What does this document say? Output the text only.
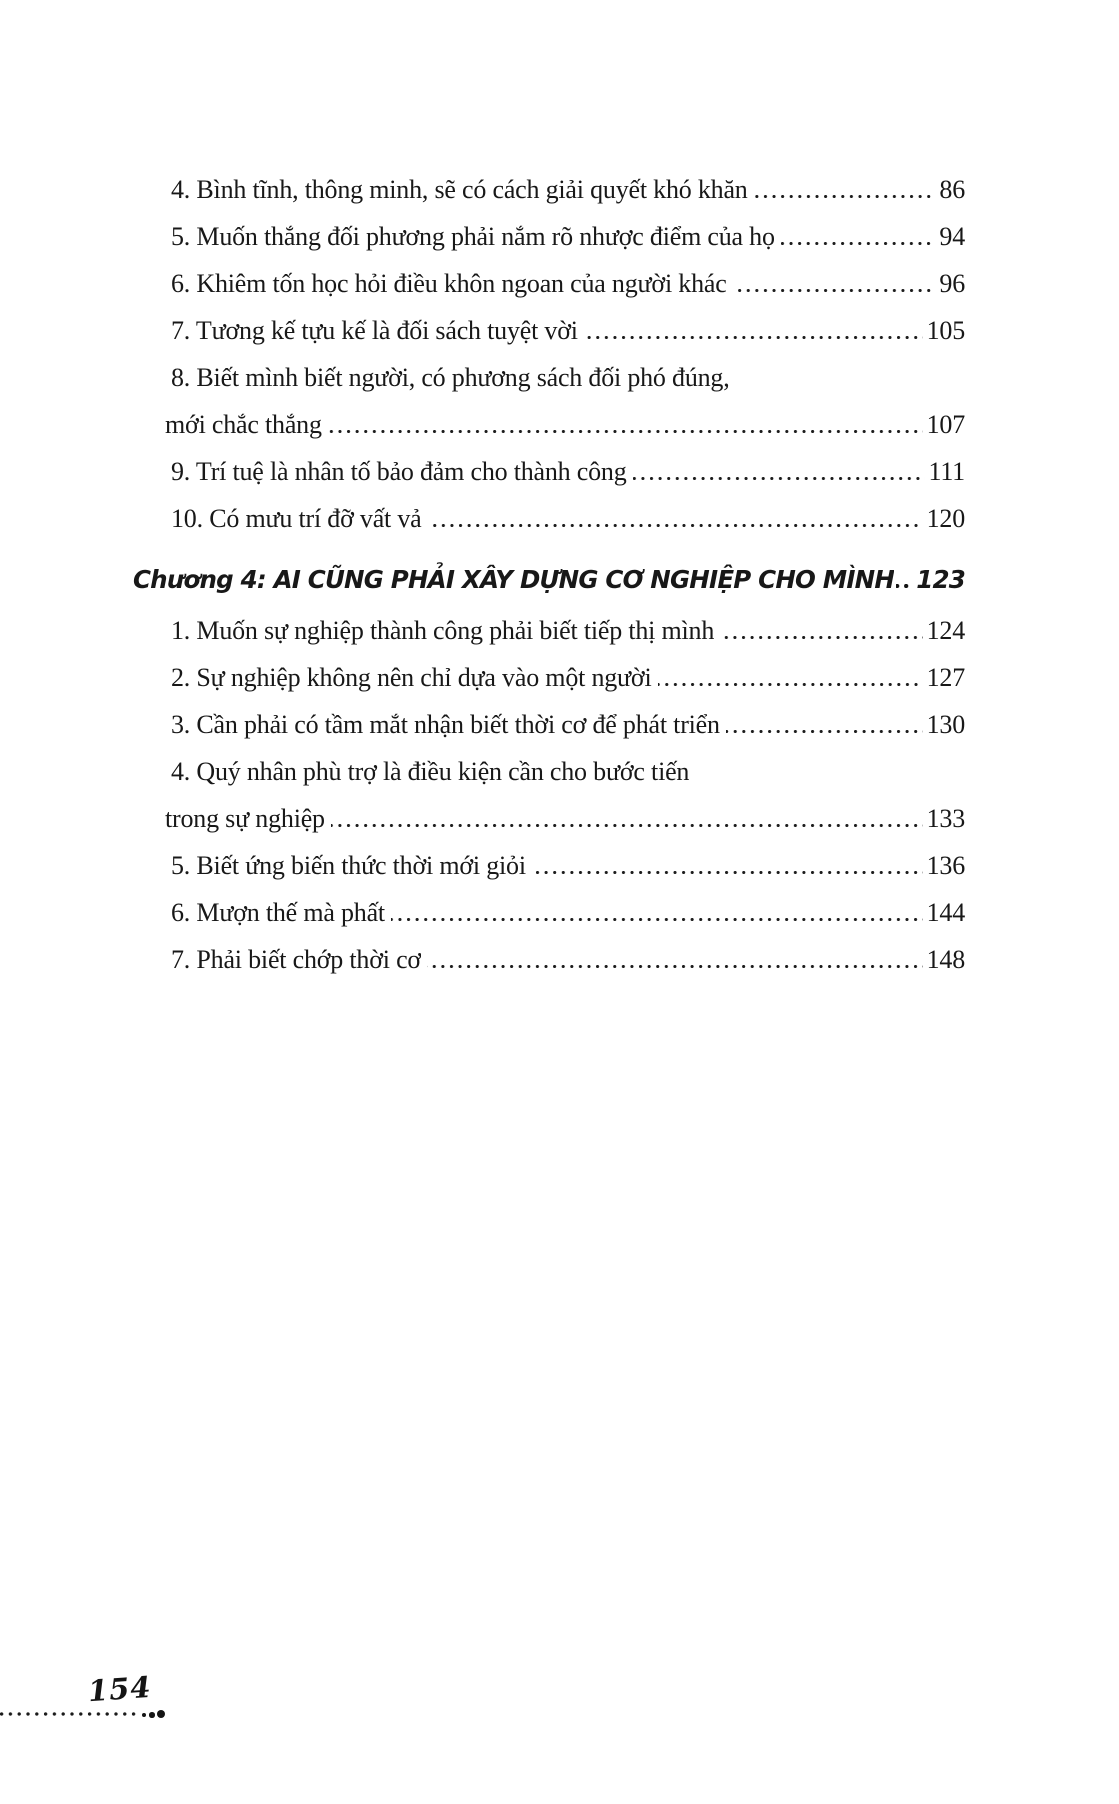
4. Bình tĩnh, thông minh, sẽ có cách giải quyết khó khăn	86
5. Muốn thắng đối phương phải nắm rõ nhược điểm của họ	94
6. Khiêm tốn học hỏi điều khôn ngoan của người khác	96
7. Tương kế tựu kế là đối sách tuyệt vời	105
8. Biết mình biết người, có phương sách đối phó đúng,
mới chắc thắng	107
9. Trí tuệ là nhân tố bảo đảm cho thành công	111
10. Có mưu trí đỡ vất vả	120
Chương 4: AI CŨNG PHẢI XÂY DỰNG CƠ NGHIỆP CHO MÌNH 123
1. Muốn sự nghiệp thành công phải biết tiếp thị mình	124
2. Sự nghiệp không nên chỉ dựa vào một người	127
3. Cần phải có tầm mắt nhận biết thời cơ để phát triển	130
4. Quý nhân phù trợ là điều kiện cần cho bước tiến
trong sự nghiệp	133
5. Biết ứng biến thức thời mới giỏi	136
6. Mượn thế mà phất	144
7. Phải biết chớp thời cơ	148
154
